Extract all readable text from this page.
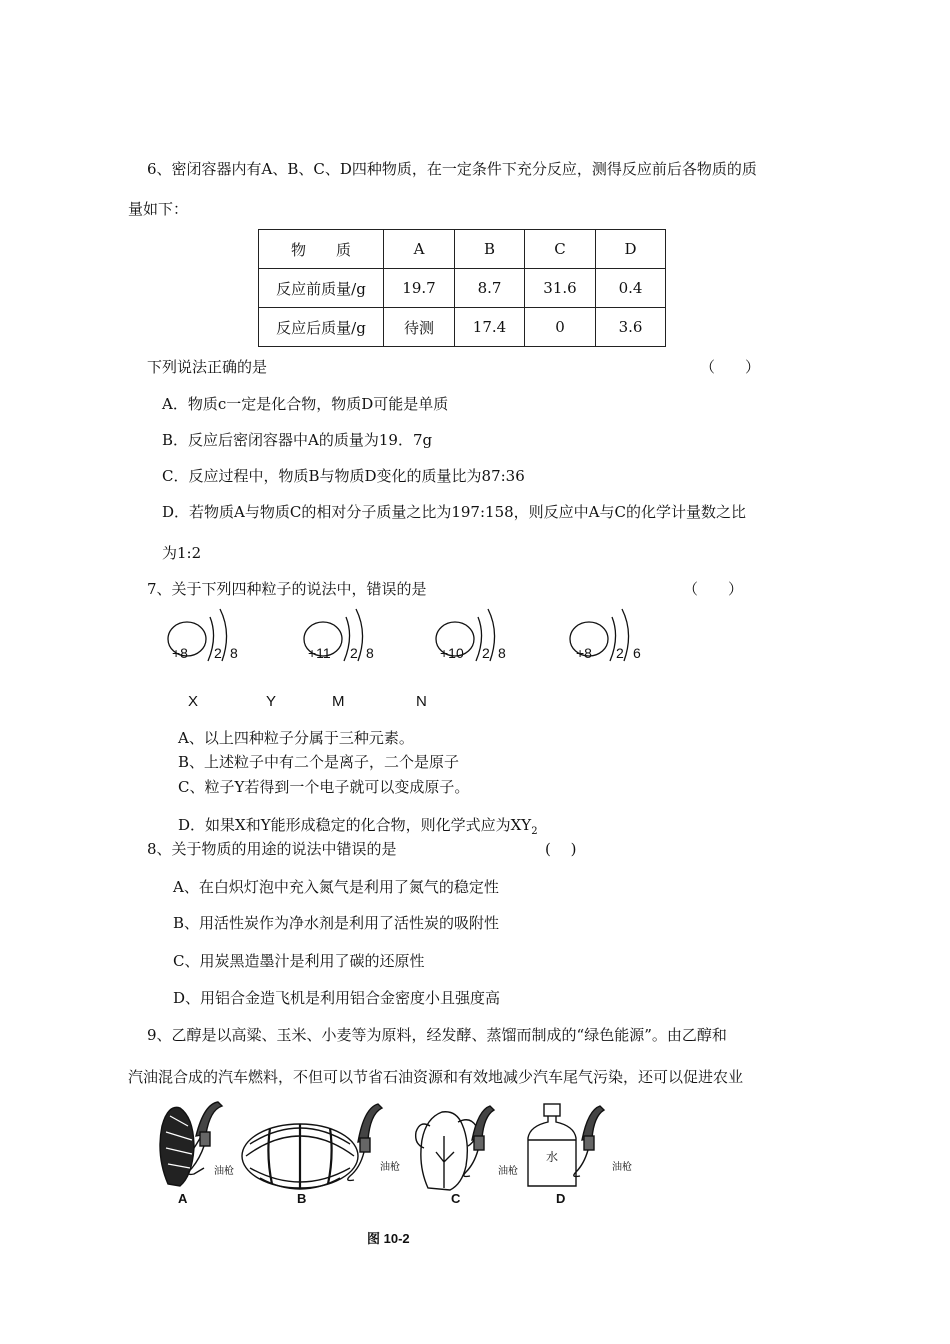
6、密闭容器内有A、B、C、D四种物质，在一定条件下充分反应，测得反应前后各物质的质
量如下：
物　　质	A	B	C	D
反应前质量/g	19.7	8.7	31.6	0.4
反应后质量/g	待测	17.4	0	3.6
下列说法正确的是	（　　）
A．物质c一定是化合物，物质D可能是单质
B．反应后密闭容器中A的质量为19．7g
C．反应过程中，物质B与物质D变化的质量比为87:36
D．若物质A与物质C的相对分子质量之比为197:158，则反应中A与C的化学计量数之比
为1:2
7、关于下列四种粒子的说法中，错误的是	（　　）
+8 2 8	+11 2 8	+10 2 8	+8 2 6
X	Y	M	N
A、以上四种粒子分属于三种元素。
B、上述粒子中有二个是离子，二个是原子
C、粒子Y若得到一个电子就可以变成原子。
D．如果X和Y能形成稳定的化合物，则化学式应为$XY_2$
8、关于物质的用途的说法中错误的是	(　 )
A、在白炽灯泡中充入氮气是利用了氮气的稳定性
B、用活性炭作为净水剂是利用了活性炭的吸附性
C、用炭黑造墨汁是利用了碳的还原性
D、用铝合金造飞机是利用铝合金密度小且强度高
9、乙醇是以高粱、玉米、小麦等为原料，经发酵、蒸馏而制成的“绿色能源”。由乙醇和
汽油混合成的汽车燃料，不但可以节省石油资源和有效地减少汽车尾气污染，还可以促进农业
油枪	油枪	油枪	油枪
水
A	B	C	D
图 10-2
